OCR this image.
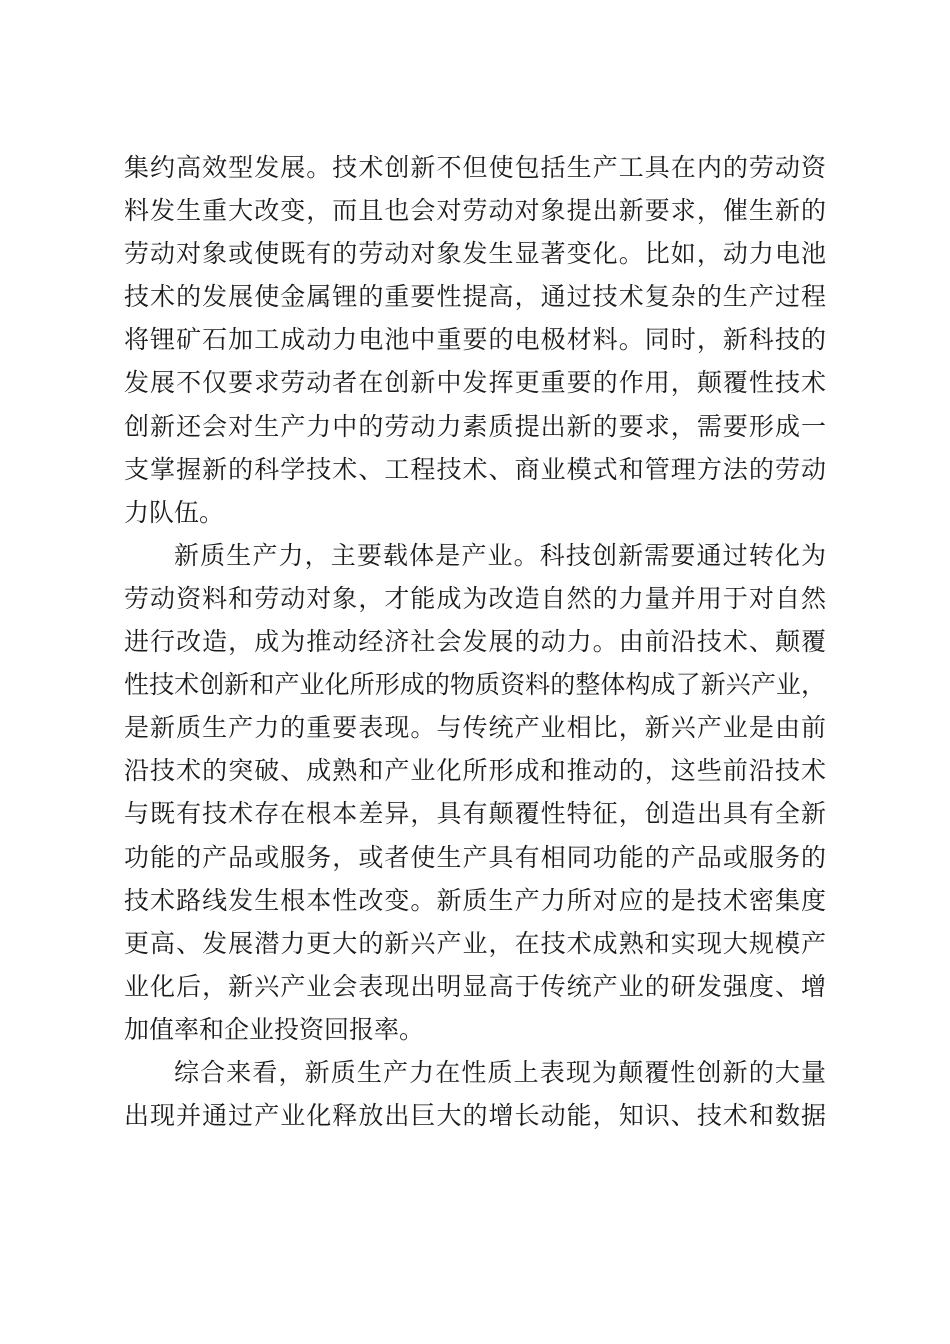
集约高效型发展。技术创新不但使包括生产工具在内的劳动资
料发生重大改变，而且也会对劳动对象提出新要求，催生新的
劳动对象或使既有的劳动对象发生显著变化。比如，动力电池
技术的发展使金属锂的重要性提高，通过技术复杂的生产过程
将锂矿石加工成动力电池中重要的电极材料。同时，新科技的
发展不仅要求劳动者在创新中发挥更重要的作用，颠覆性技术
创新还会对生产力中的劳动力素质提出新的要求，需要形成一
支掌握新的科学技术、工程技术、商业模式和管理方法的劳动
力队伍。
新质生产力，主要载体是产业。科技创新需要通过转化为
劳动资料和劳动对象，才能成为改造自然的力量并用于对自然
进行改造，成为推动经济社会发展的动力。由前沿技术、颠覆
性技术创新和产业化所形成的物质资料的整体构成了新兴产业，
是新质生产力的重要表现。与传统产业相比，新兴产业是由前
沿技术的突破、成熟和产业化所形成和推动的，这些前沿技术
与既有技术存在根本差异，具有颠覆性特征，创造出具有全新
功能的产品或服务，或者使生产具有相同功能的产品或服务的
技术路线发生根本性改变。新质生产力所对应的是技术密集度
更高、发展潜力更大的新兴产业，在技术成熟和实现大规模产
业化后，新兴产业会表现出明显高于传统产业的研发强度、增
加值率和企业投资回报率。
综合来看，新质生产力在性质上表现为颠覆性创新的大量
出现并通过产业化释放出巨大的增长动能，知识、技术和数据
